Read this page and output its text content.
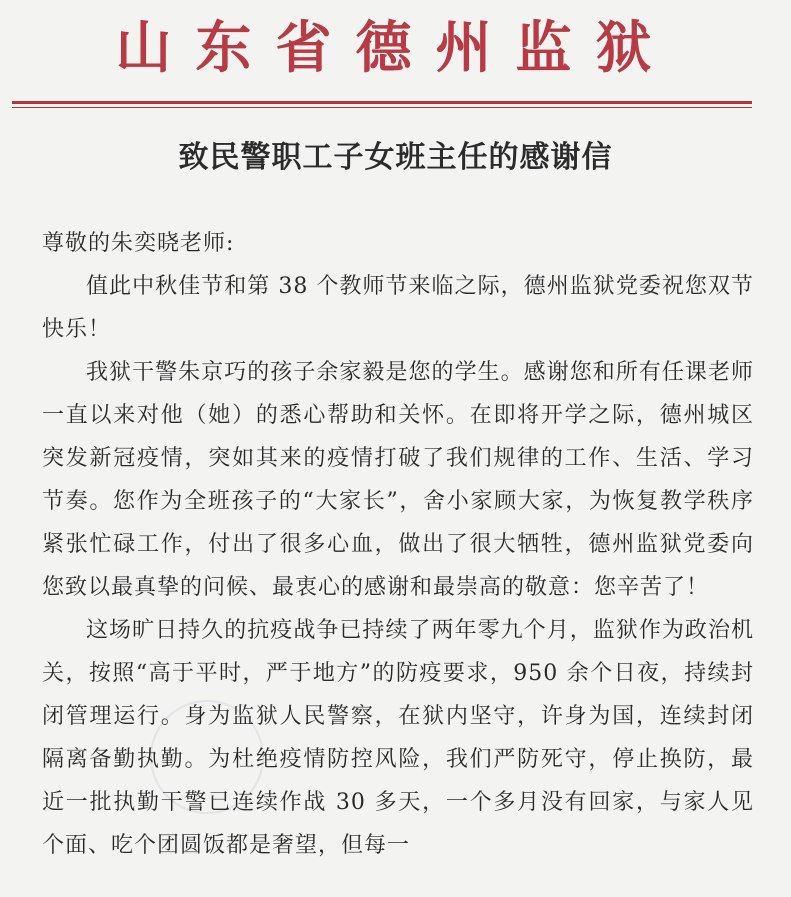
山东省德州监狱
致民警职工子女班主任的感谢信

尊敬的朱奕晓老师:

值此中秋佳节和第 38 个教师节来临之际，德州监狱党委祝您双节快乐！

我狱干警朱京巧的孩子余家毅是您的学生。感谢您和所有任课老师一直以来对他（她）的悉心帮助和关怀。在即将开学之际，德州城区突发新冠疫情，突如其来的疫情打破了我们规律的工作、生活、学习节奏。您作为全班孩子的“大家长”，舍小家顾大家，为恢复教学秩序紧张忙碌工作，付出了很多心血，做出了很大牺牲，德州监狱党委向您致以最真挚的问候、最衷心的感谢和最崇高的敬意：您辛苦了！

这场旷日持久的抗疫战争已持续了两年零九个月，监狱作为政治机关，按照“高于平时，严于地方”的防疫要求，950 余个日夜，持续封闭管理运行。身为监狱人民警察，在狱内坚守，许身为国，连续封闭隔离备勤执勤。为杜绝疫情防控风险，我们严防死守，停止换防，最近一批执勤干警已连续作战 30 多天，一个多月没有回家，与家人见个面、吃个团圆饭都是奢望，但每一
